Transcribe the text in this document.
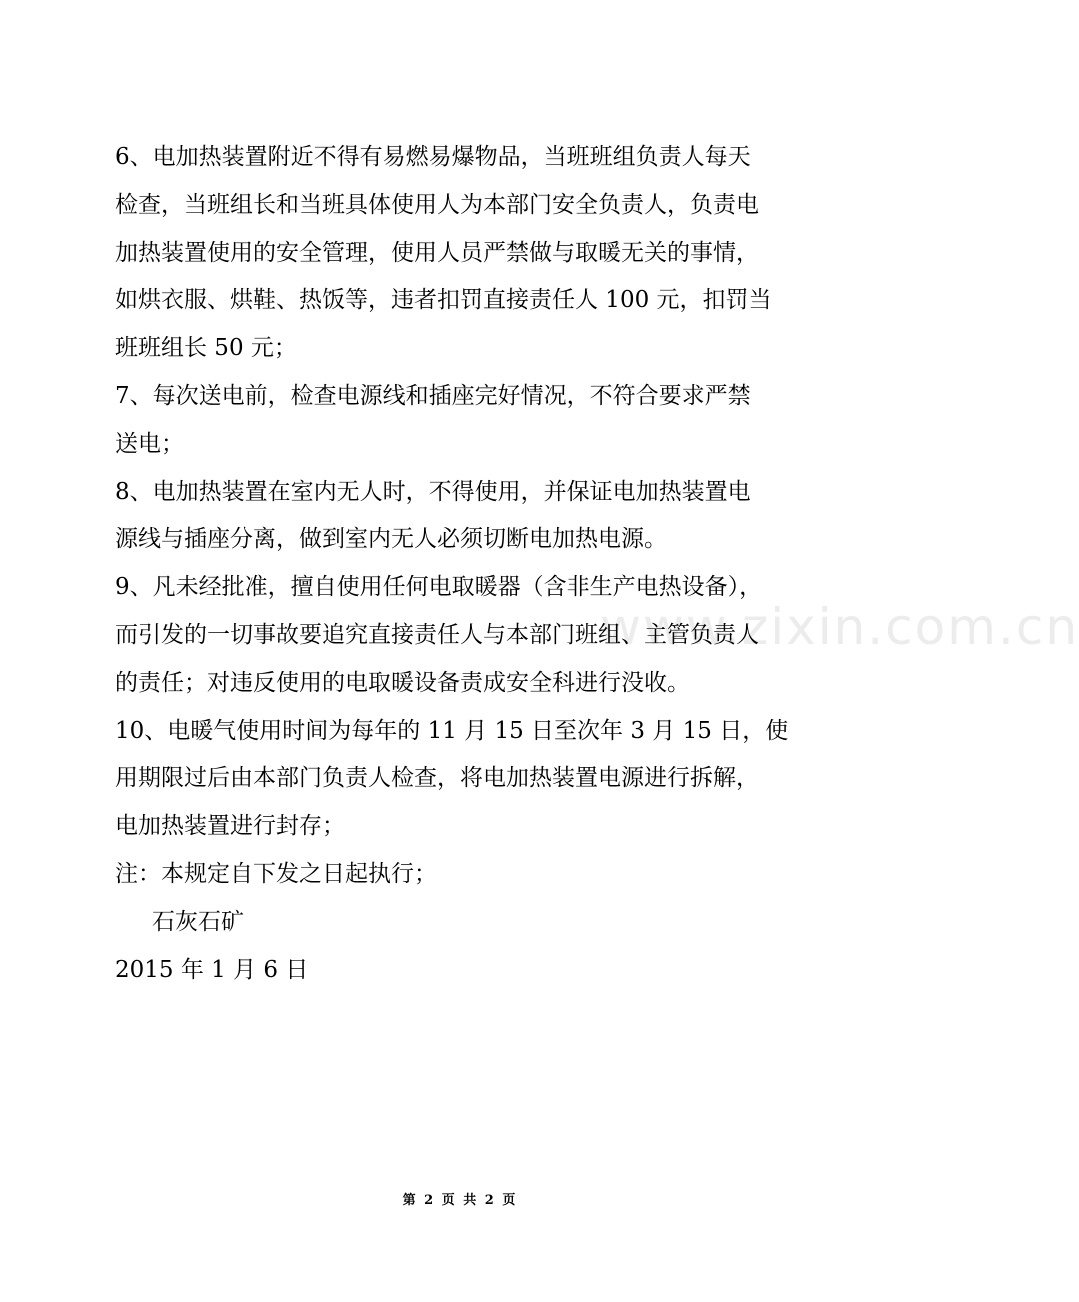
www.zixin.com.cn
6、电加热装置附近不得有易燃易爆物品，当班班组负责人每天
检查，当班组长和当班具体使用人为本部门安全负责人，负责电
加热装置使用的安全管理，使用人员严禁做与取暖无关的事情，
如烘衣服、烘鞋、热饭等，违者扣罚直接责任人 100 元，扣罚当
班班组长 50 元；
7、每次送电前，检查电源线和插座完好情况，不符合要求严禁
送电；
8、电加热装置在室内无人时，不得使用，并保证电加热装置电
源线与插座分离，做到室内无人必须切断电加热电源。
9、凡未经批准，擅自使用任何电取暖器（含非生产电热设备），
而引发的一切事故要追究直接责任人与本部门班组、主管负责人
的责任；对违反使用的电取暖设备责成安全科进行没收。
10、电暖气使用时间为每年的 11 月 15 日至次年 3 月 15 日，使
用期限过后由本部门负责人检查，将电加热装置电源进行拆解，
电加热装置进行封存；
注：本规定自下发之日起执行；
石灰石矿
2015 年 1 月 6 日
第 2 页 共 2 页
